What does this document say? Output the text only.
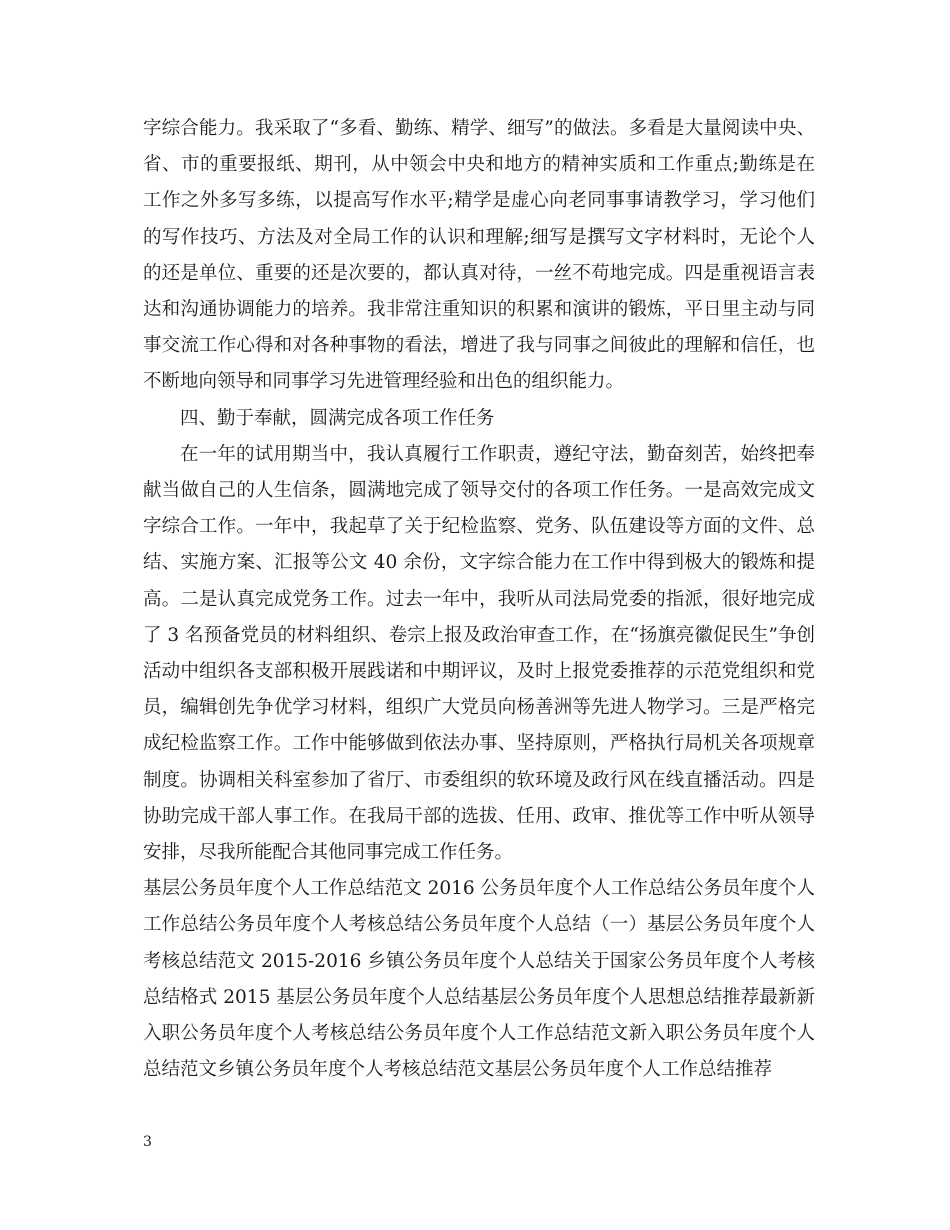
字综合能力。我采取了“多看、勤练、精学、细写”的做法。多看是大量阅读中央、省、市的重要报纸、期刊，从中领会中央和地方的精神实质和工作重点;勤练是在工作之外多写多练，以提高写作水平;精学是虚心向老同事事请教学习，学习他们的写作技巧、方法及对全局工作的认识和理解;细写是撰写文字材料时，无论个人的还是单位、重要的还是次要的，都认真对待，一丝不苟地完成。四是重视语言表达和沟通协调能力的培养。我非常注重知识的积累和演讲的锻炼，平日里主动与同事交流工作心得和对各种事物的看法，增进了我与同事之间彼此的理解和信任，也不断地向领导和同事学习先进管理经验和出色的组织能力。

四、勤于奉献，圆满完成各项工作任务

在一年的试用期当中，我认真履行工作职责，遵纪守法，勤奋刻苦，始终把奉献当做自己的人生信条，圆满地完成了领导交付的各项工作任务。一是高效完成文字综合工作。一年中，我起草了关于纪检监察、党务、队伍建设等方面的文件、总结、实施方案、汇报等公文 40 余份，文字综合能力在工作中得到极大的锻炼和提高。二是认真完成党务工作。过去一年中，我听从司法局党委的指派，很好地完成了 3 名预备党员的材料组织、卷宗上报及政治审查工作，在“扬旗亮徽促民生”争创活动中组织各支部积极开展践诺和中期评议，及时上报党委推荐的示范党组织和党员，编辑创先争优学习材料，组织广大党员向杨善洲等先进人物学习。三是严格完成纪检监察工作。工作中能够做到依法办事、坚持原则，严格执行局机关各项规章制度。协调相关科室参加了省厅、市委组织的软环境及政行风在线直播活动。四是协助完成干部人事工作。在我局干部的选拔、任用、政审、推优等工作中听从领导安排，尽我所能配合其他同事完成工作任务。

基层公务员年度个人工作总结范文 2016 公务员年度个人工作总结公务员年度个人工作总结公务员年度个人考核总结公务员年度个人总结（一）基层公务员年度个人考核总结范文 2015-2016 乡镇公务员年度个人总结关于国家公务员年度个人考核总结格式 2015 基层公务员年度个人总结基层公务员年度个人思想总结推荐最新新入职公务员年度个人考核总结公务员年度个人工作总结范文新入职公务员年度个人总结范文乡镇公务员年度个人考核总结范文基层公务员年度个人工作总结推荐

3
